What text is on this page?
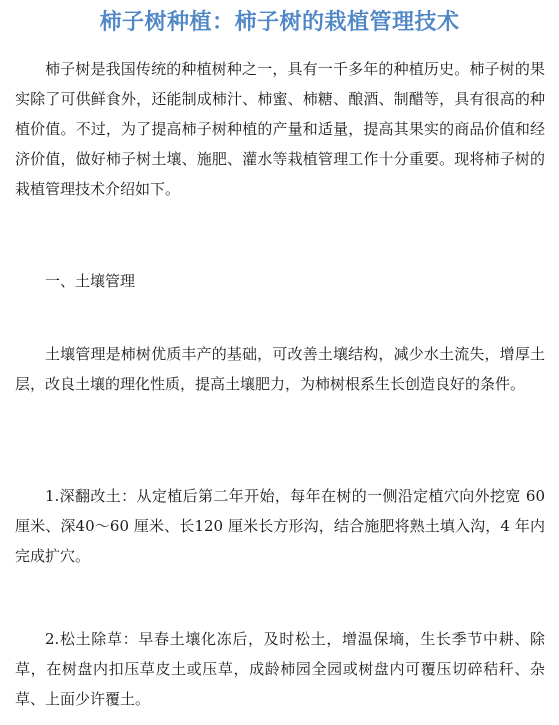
柿子树种植：柿子树的栽植管理技术

柿子树是我国传统的种植树种之一，具有一千多年的种植历史。柿子树的果实除了可供鲜食外，还能制成柿汁、柿蜜、柿糖、酿酒、制醋等，具有很高的种植价值。不过，为了提高柿子树种植的产量和适量，提高其果实的商品价值和经济价值，做好柿子树土壤、施肥、灌水等栽植管理工作十分重要。现将柿子树的栽植管理技术介绍如下。

一、土壤管理

土壤管理是柿树优质丰产的基础，可改善土壤结构，减少水土流失，增厚土层，改良土壤的理化性质，提高土壤肥力，为柿树根系生长创造良好的条件。

1.深翻改土：从定植后第二年开始，每年在树的一侧沿定植穴向外挖宽 60 厘米、深40～60 厘米、长120 厘米长方形沟，结合施肥将熟土填入沟，4 年内完成扩穴。

2.松土除草：早春土壤化冻后，及时松土，增温保墒，生长季节中耕、除草，在树盘内扣压草皮土或压草，成龄柿园全园或树盘内可覆压切碎秸秆、杂草、上面少许覆土。
